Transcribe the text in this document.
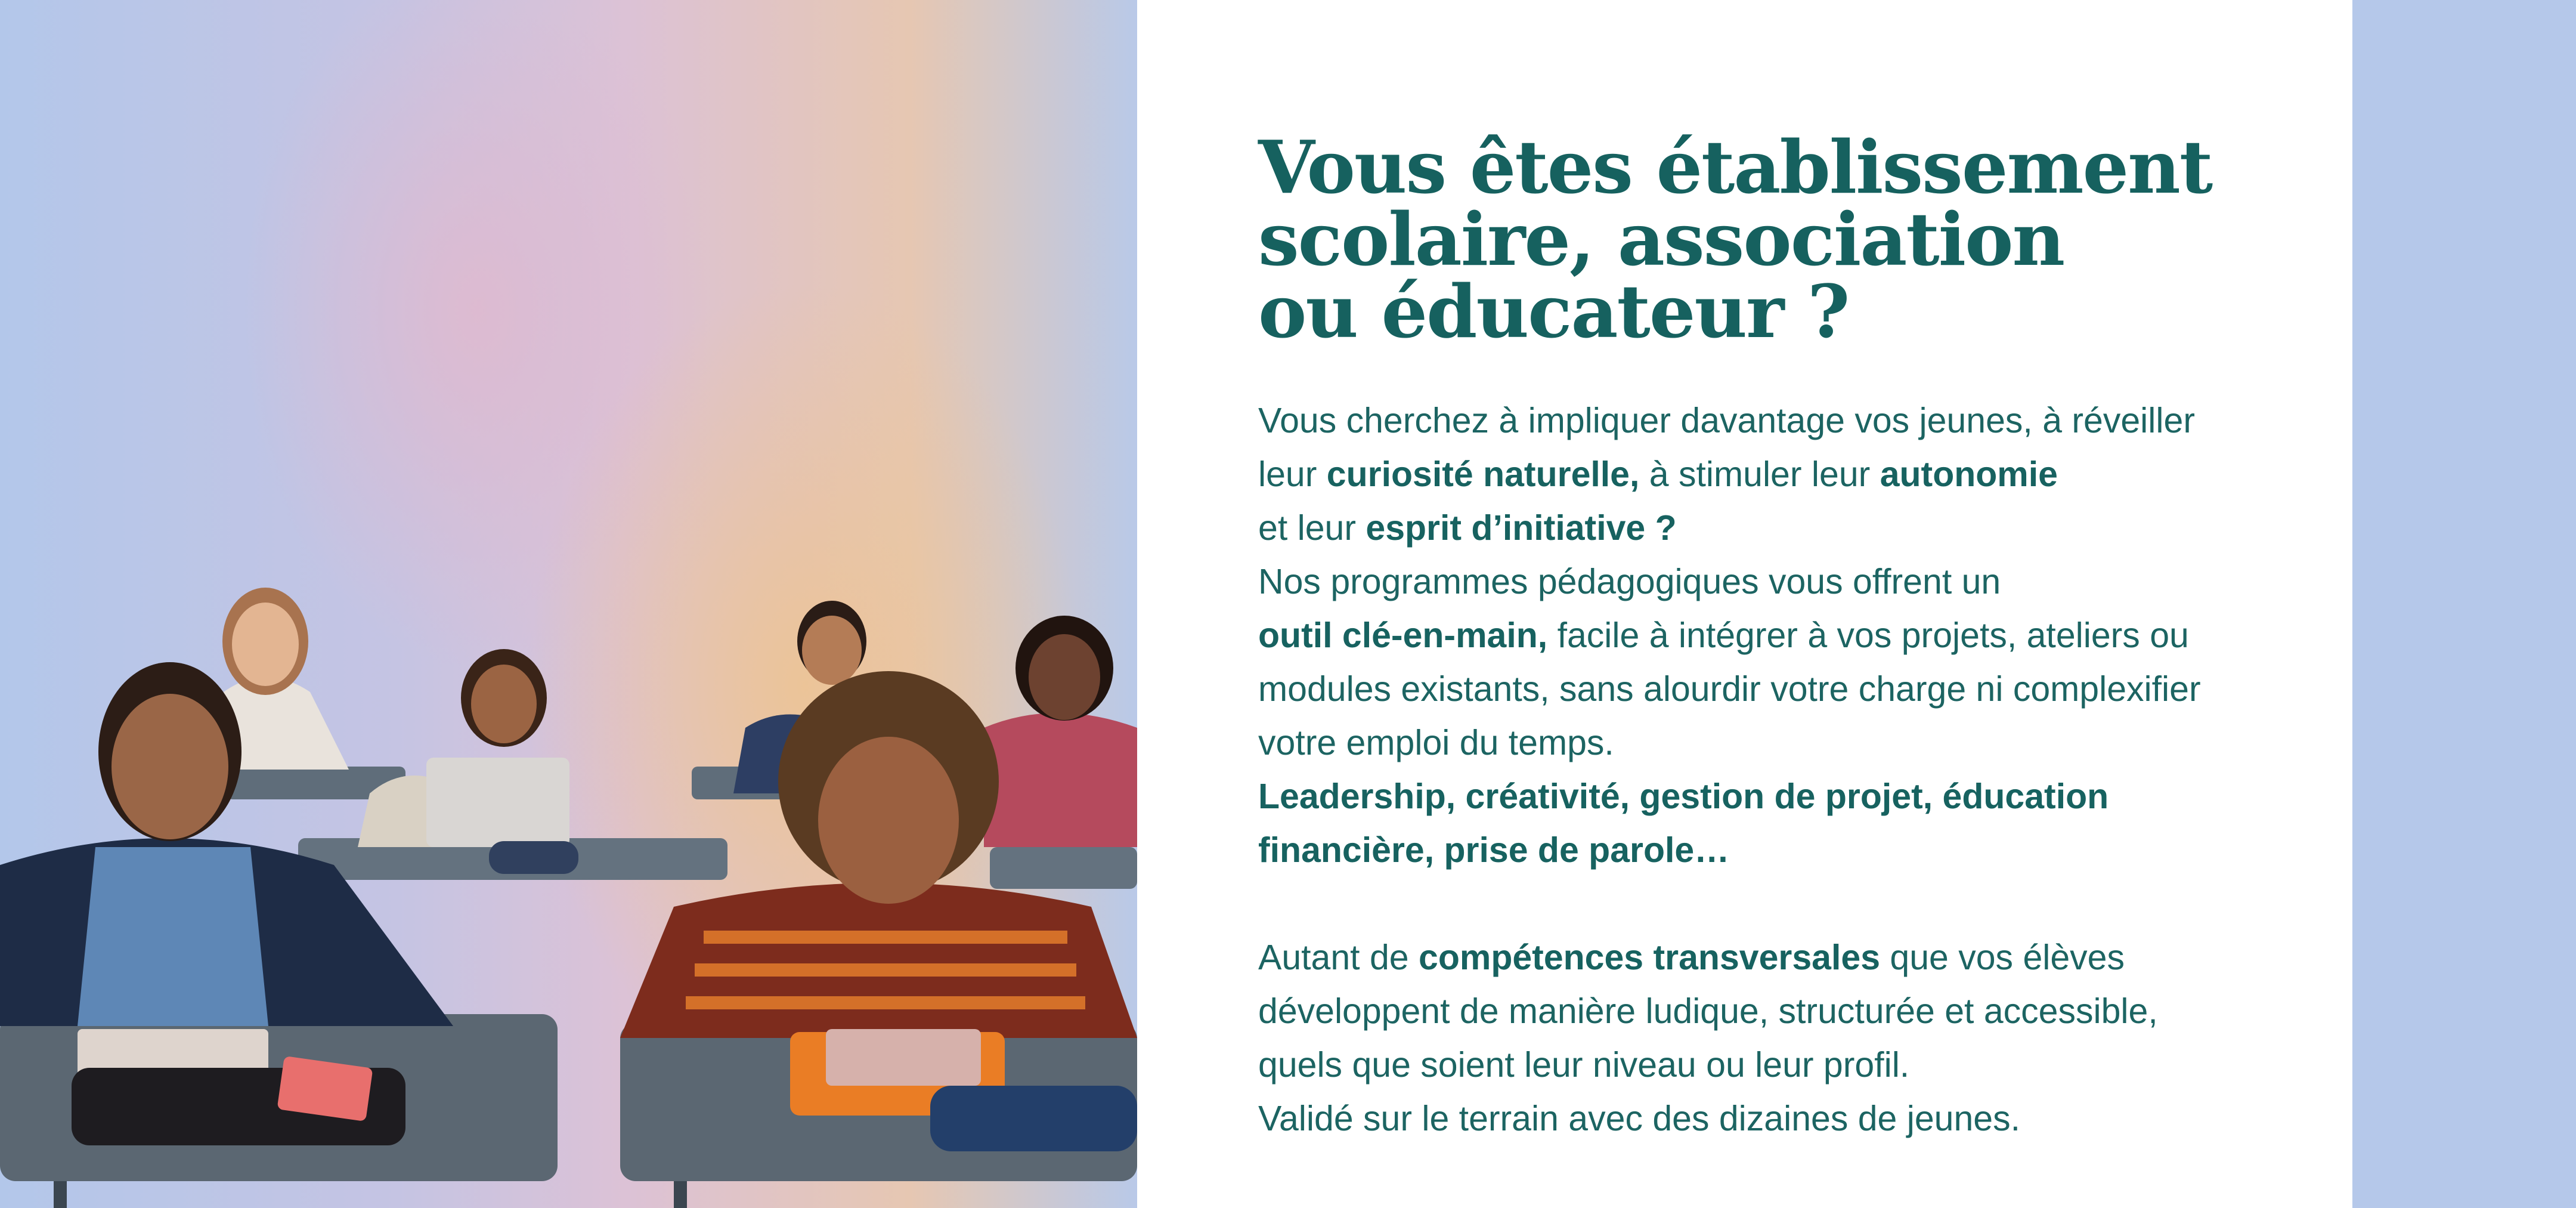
Vous êtes établissement
scolaire, association
ou éducateur ?
Vous cherchez à impliquer davantage vos jeunes, à réveiller
leur curiosité naturelle, à stimuler leur autonomie
et leur esprit d’initiative ?
Nos programmes pédagogiques vous offrent un
outil clé-en-main, facile à intégrer à vos projets, ateliers ou
modules existants, sans alourdir votre charge ni complexifier
votre emploi du temps.
Leadership, créativité, gestion de projet, éducation
financière, prise de parole…
Autant de compétences transversales que vos élèves
développent de manière ludique, structurée et accessible,
quels que soient leur niveau ou leur profil.
Validé sur le terrain avec des dizaines de jeunes.
